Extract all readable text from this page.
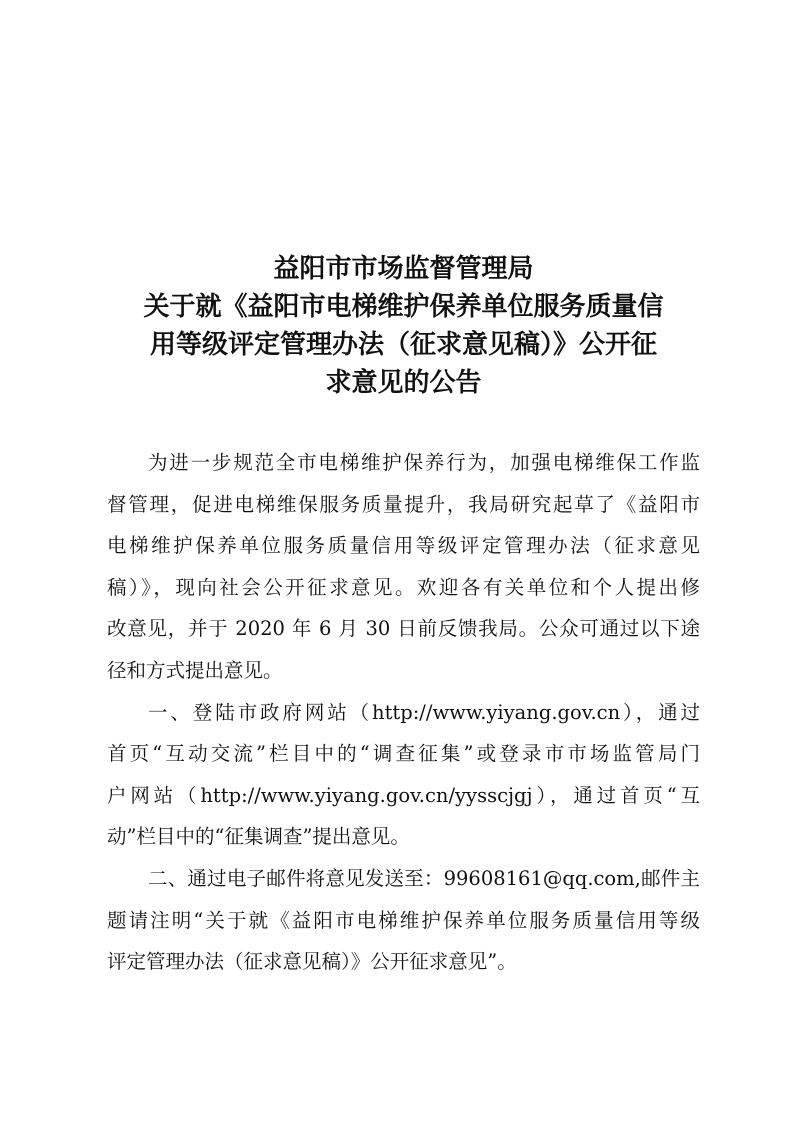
益阳市市场监督管理局
关于就《益阳市电梯维护保养单位服务质量信
用等级评定管理办法（征求意见稿）》公开征
求意见的公告
为进一步规范全市电梯维护保养行为，加强电梯维保工作监
督管理，促进电梯维保服务质量提升，我局研究起草了《益阳市
电梯维护保养单位服务质量信用等级评定管理办法（征求意见
稿）》，现向社会公开征求意见。欢迎各有关单位和个人提出修
改意见，并于 2020 年 6 月 30 日前反馈我局。公众可通过以下途
径和方式提出意见。
一、登陆市政府网站（http://www.yiyang.gov.cn），通过
首页“互动交流”栏目中的“调查征集”或登录市市场监管局门
户网站（http://www.yiyang.gov.cn/yysscjgj），通过首页“互
动”栏目中的“征集调查”提出意见。
二、通过电子邮件将意见发送至：99608161@qq.com,邮件主
题请注明“关于就《益阳市电梯维护保养单位服务质量信用等级
评定管理办法（征求意见稿）》公开征求意见”。
